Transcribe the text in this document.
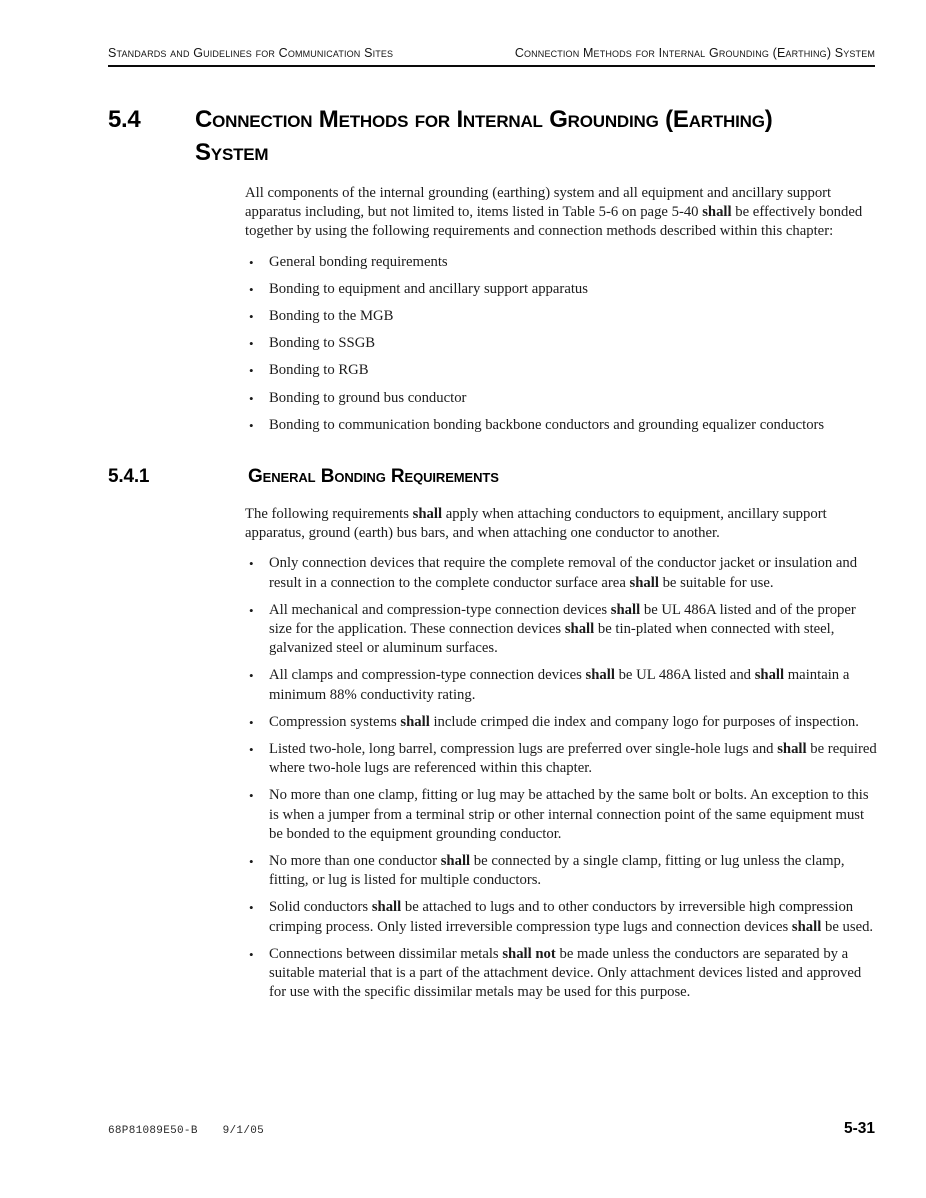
Standards and Guidelines for Communication Sites	Connection Methods for Internal Grounding (Earthing) System
5.4	Connection Methods for Internal Grounding (Earthing) System

All components of the internal grounding (earthing) system and all equipment and ancillary support apparatus including, but not limited to, items listed in Table 5-6 on page 5-40 shall be effectively bonded together by using the following requirements and connection methods described within this chapter:

•	General bonding requirements
•	Bonding to equipment and ancillary support apparatus
•	Bonding to the MGB
•	Bonding to SSGB
•	Bonding to RGB
•	Bonding to ground bus conductor
•	Bonding to communication bonding backbone conductors and grounding equalizer conductors
5.4.1	General Bonding Requirements

The following requirements shall apply when attaching conductors to equipment, ancillary support apparatus, ground (earth) bus bars, and when attaching one conductor to another.

•	Only connection devices that require the complete removal of the conductor jacket or insulation and result in a connection to the complete conductor surface area shall be suitable for use.
•	All mechanical and compression-type connection devices shall be UL 486A listed and of the proper size for the application. These connection devices shall be tin-plated when connected with steel, galvanized steel or aluminum surfaces.
•	All clamps and compression-type connection devices shall be UL 486A listed and shall maintain a minimum 88% conductivity rating.
•	Compression systems shall include crimped die index and company logo for purposes of inspection.
•	Listed two-hole, long barrel, compression lugs are preferred over single-hole lugs and shall be required where two-hole lugs are referenced within this chapter.
•	No more than one clamp, fitting or lug may be attached by the same bolt or bolts. An exception to this is when a jumper from a terminal strip or other internal connection point of the same equipment must be bonded to the equipment grounding conductor.
•	No more than one conductor shall be connected by a single clamp, fitting or lug unless the clamp, fitting, or lug is listed for multiple conductors.
•	Solid conductors shall be attached to lugs and to other conductors by irreversible high compression crimping process. Only listed irreversible compression type lugs and connection devices shall be used.
•	Connections between dissimilar metals shall not be made unless the conductors are separated by a suitable material that is a part of the attachment device. Only attachment devices listed and approved for use with the specific dissimilar metals may be used for this purpose.
68P81089E50-B 9/1/05	5-31
